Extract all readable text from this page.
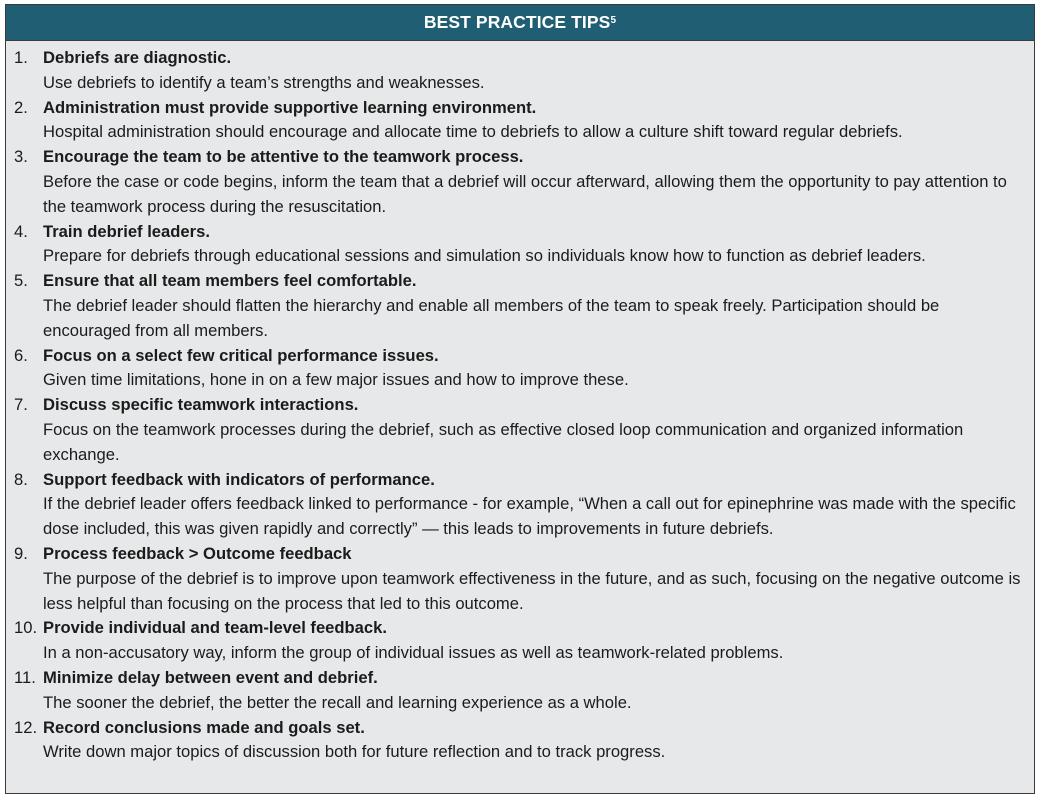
BEST PRACTICE TIPS$^5$
1. Debriefs are diagnostic.
Use debriefs to identify a team’s strengths and weaknesses.
2. Administration must provide supportive learning environment.
Hospital administration should encourage and allocate time to debriefs to allow a culture shift toward regular debriefs.
3. Encourage the team to be attentive to the teamwork process.
Before the case or code begins, inform the team that a debrief will occur afterward, allowing them the opportunity to pay attention to the teamwork process during the resuscitation.
4. Train debrief leaders.
Prepare for debriefs through educational sessions and simulation so individuals know how to function as debrief leaders.
5. Ensure that all team members feel comfortable.
The debrief leader should flatten the hierarchy and enable all members of the team to speak freely. Participation should be encouraged from all members.
6. Focus on a select few critical performance issues.
Given time limitations, hone in on a few major issues and how to improve these.
7. Discuss specific teamwork interactions.
Focus on the teamwork processes during the debrief, such as effective closed loop communication and organized information exchange.
8. Support feedback with indicators of performance.
If the debrief leader offers feedback linked to performance - for example, “When a call out for epinephrine was made with the specific dose included, this was given rapidly and correctly” — this leads to improvements in future debriefs.
9. Process feedback > Outcome feedback
The purpose of the debrief is to improve upon teamwork effectiveness in the future, and as such, focusing on the negative outcome is less helpful than focusing on the process that led to this outcome.
10. Provide individual and team-level feedback.
In a non-accusatory way, inform the group of individual issues as well as teamwork-related problems.
11. Minimize delay between event and debrief.
The sooner the debrief, the better the recall and learning experience as a whole.
12. Record conclusions made and goals set.
Write down major topics of discussion both for future reflection and to track progress.
